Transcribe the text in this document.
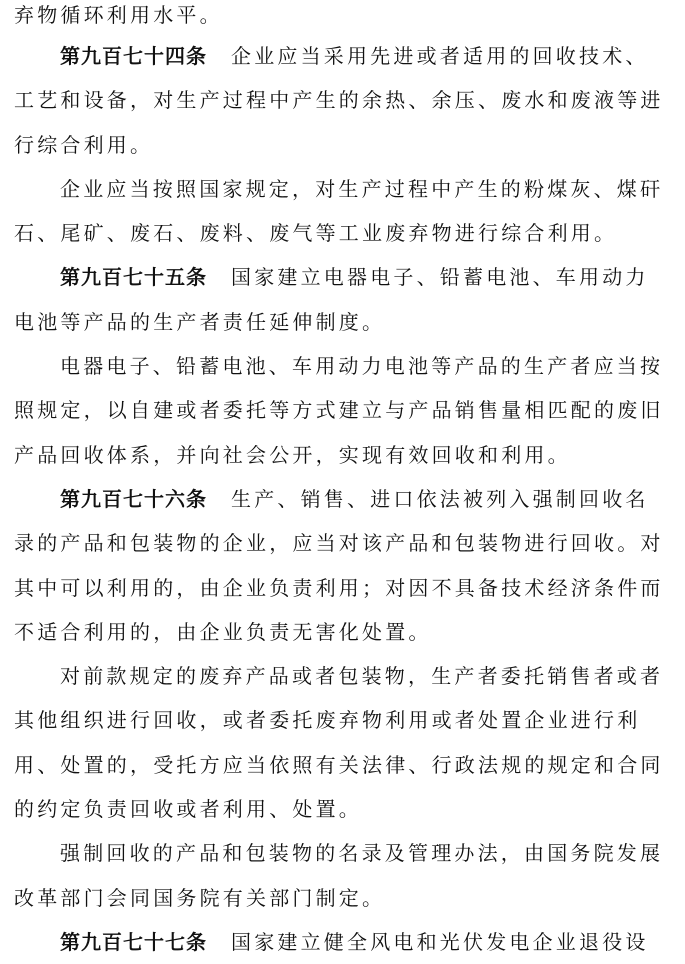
弃物循环利用水平。
第九百七十四条 企业应当采用先进或者适用的回收技术、
工艺和设备，对生产过程中产生的余热、余压、废水和废液等进
行综合利用。
企业应当按照国家规定，对生产过程中产生的粉煤灰、煤矸
石、尾矿、废石、废料、废气等工业废弃物进行综合利用。
第九百七十五条 国家建立电器电子、铅蓄电池、车用动力
电池等产品的生产者责任延伸制度。
电器电子、铅蓄电池、车用动力电池等产品的生产者应当按
照规定，以自建或者委托等方式建立与产品销售量相匹配的废旧
产品回收体系，并向社会公开，实现有效回收和利用。
第九百七十六条 生产、销售、进口依法被列入强制回收名
录的产品和包装物的企业，应当对该产品和包装物进行回收。对
其中可以利用的，由企业负责利用；对因不具备技术经济条件而
不适合利用的，由企业负责无害化处置。
对前款规定的废弃产品或者包装物，生产者委托销售者或者
其他组织进行回收，或者委托废弃物利用或者处置企业进行利
用、处置的，受托方应当依照有关法律、行政法规的规定和合同
的约定负责回收或者利用、处置。
强制回收的产品和包装物的名录及管理办法，由国务院发展
改革部门会同国务院有关部门制定。
第九百七十七条 国家建立健全风电和光伏发电企业退役设
